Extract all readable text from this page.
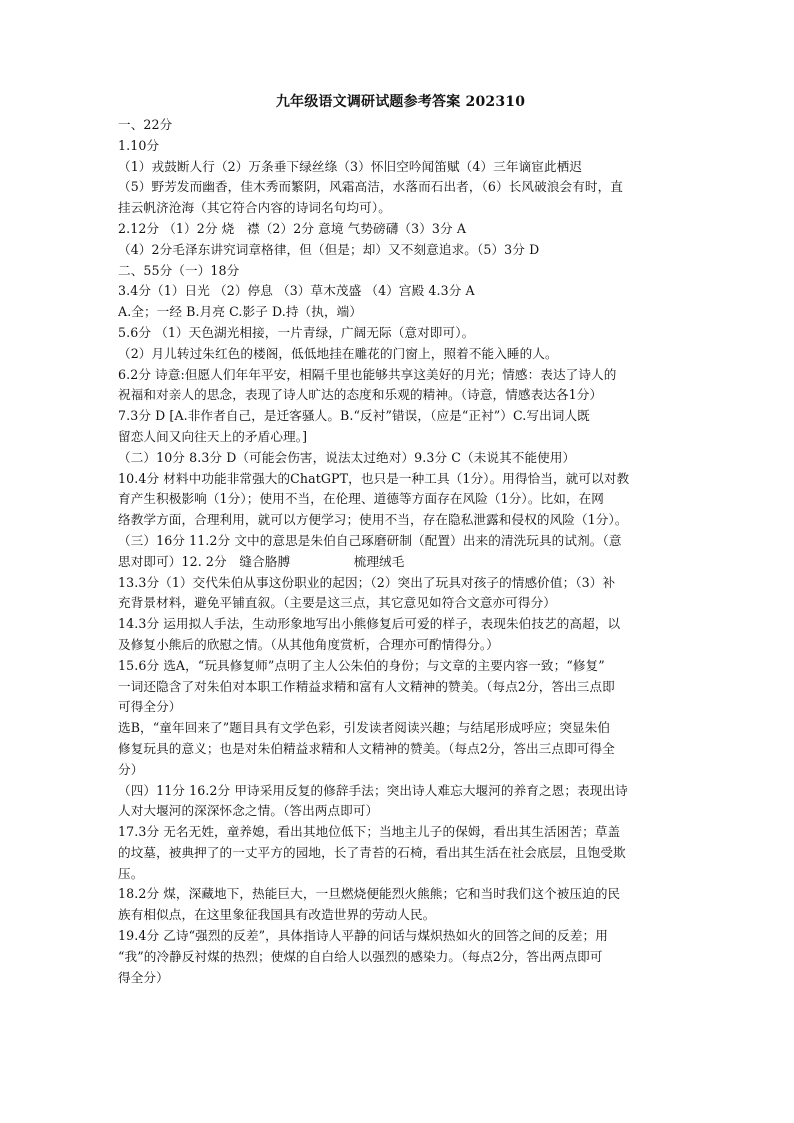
九年级语文调研试题参考答案 202310
一、22分
1.10分
（1）戎鼓断人行（2）万条垂下绿丝绦（3）怀旧空吟闻笛赋（4）三年谪宦此栖迟
（5）野芳发而幽香，佳木秀而繁阴，风霜高洁，水落而石出者，（6）长风破浪会有时，直
挂云帆济沧海（其它符合内容的诗词名句均可）。
2.12分 （1）2分 烧　襟（2）2分 意境 气势磅礴（3）3分 A
（4）2分毛泽东讲究词章格律，但（但是；却）又不刻意追求。（5）3分 D
二、55分（一）18分
3.4分（1）日光 （2）停息 （3）草木茂盛 （4）宫殿 4.3分 A
A.全；一经 B.月亮 C.影子 D.持（执，端）
5.6分 （1）天色湖光相接，一片青绿，广阔无际（意对即可）。
（2）月儿转过朱红色的楼阁，低低地挂在雕花的门窗上，照着不能入睡的人。
6.2分 诗意:但愿人们年年平安，相隔千里也能够共享这美好的月光；情感：表达了诗人的
祝福和对亲人的思念，表现了诗人旷达的态度和乐观的精神。（诗意，情感表达各1分）
7.3分 D [A.非作者自己，是迁客骚人。B.“反衬”错误，（应是“正衬”）C.写出词人既
留恋人间又向往天上的矛盾心理。]
（二）10分 8.3分 D（可能会伤害，说法太过绝对）9.3分 C（未说其不能使用）
10.4分 材料中功能非常强大的ChatGPT，也只是一种工具（1分）。用得恰当，就可以对教
育产生积极影响（1分）；使用不当，在伦理、道德等方面存在风险（1分）。比如，在网
络教学方面，合理利用，就可以方便学习；使用不当，存在隐私泄露和侵权的风险（1分）。
（三）16分 11.2分 文中的意思是朱伯自己琢磨研制（配置）出来的清洗玩具的试剂。（意
思对即可）12. 2分　缝合胳膊　　　　　梳理绒毛
13.3分（1）交代朱伯从事这份职业的起因；（2）突出了玩具对孩子的情感价值；（3）补
充背景材料，避免平铺直叙。（主要是这三点，其它意见如符合文意亦可得分）
14.3分 运用拟人手法，生动形象地写出小熊修复后可爱的样子，表现朱伯技艺的高超，以
及修复小熊后的欣慰之情。（从其他角度赏析，合理亦可酌情得分。）
15.6分 选A，“玩具修复师”点明了主人公朱伯的身份；与文章的主要内容一致；“修复”
一词还隐含了对朱伯对本职工作精益求精和富有人文精神的赞美。（每点2分，答出三点即
可得全分）
选B，“童年回来了”题目具有文学色彩，引发读者阅读兴趣；与结尾形成呼应；突显朱伯
修复玩具的意义；也是对朱伯精益求精和人文精神的赞美。（每点2分，答出三点即可得全
分）
（四）11分 16.2分 甲诗采用反复的修辞手法；突出诗人难忘大堰河的养育之恩；表现出诗
人对大堰河的深深怀念之情。（答出两点即可）
17.3分 无名无姓，童养媳，看出其地位低下；当地主儿子的保姆，看出其生活困苦；草盖
的坟墓，被典押了的一丈平方的园地，长了青苔的石椅，看出其生活在社会底层，且饱受欺
压。
18.2分 煤，深藏地下，热能巨大，一旦燃烧便能烈火熊熊；它和当时我们这个被压迫的民
族有相似点，在这里象征我国具有改造世界的劳动人民。
19.4分 乙诗“强烈的反差”，具体指诗人平静的问话与煤炽热如火的回答之间的反差；用
“我”的冷静反衬煤的热烈；使煤的自白给人以强烈的感染力。（每点2分，答出两点即可
得全分）
